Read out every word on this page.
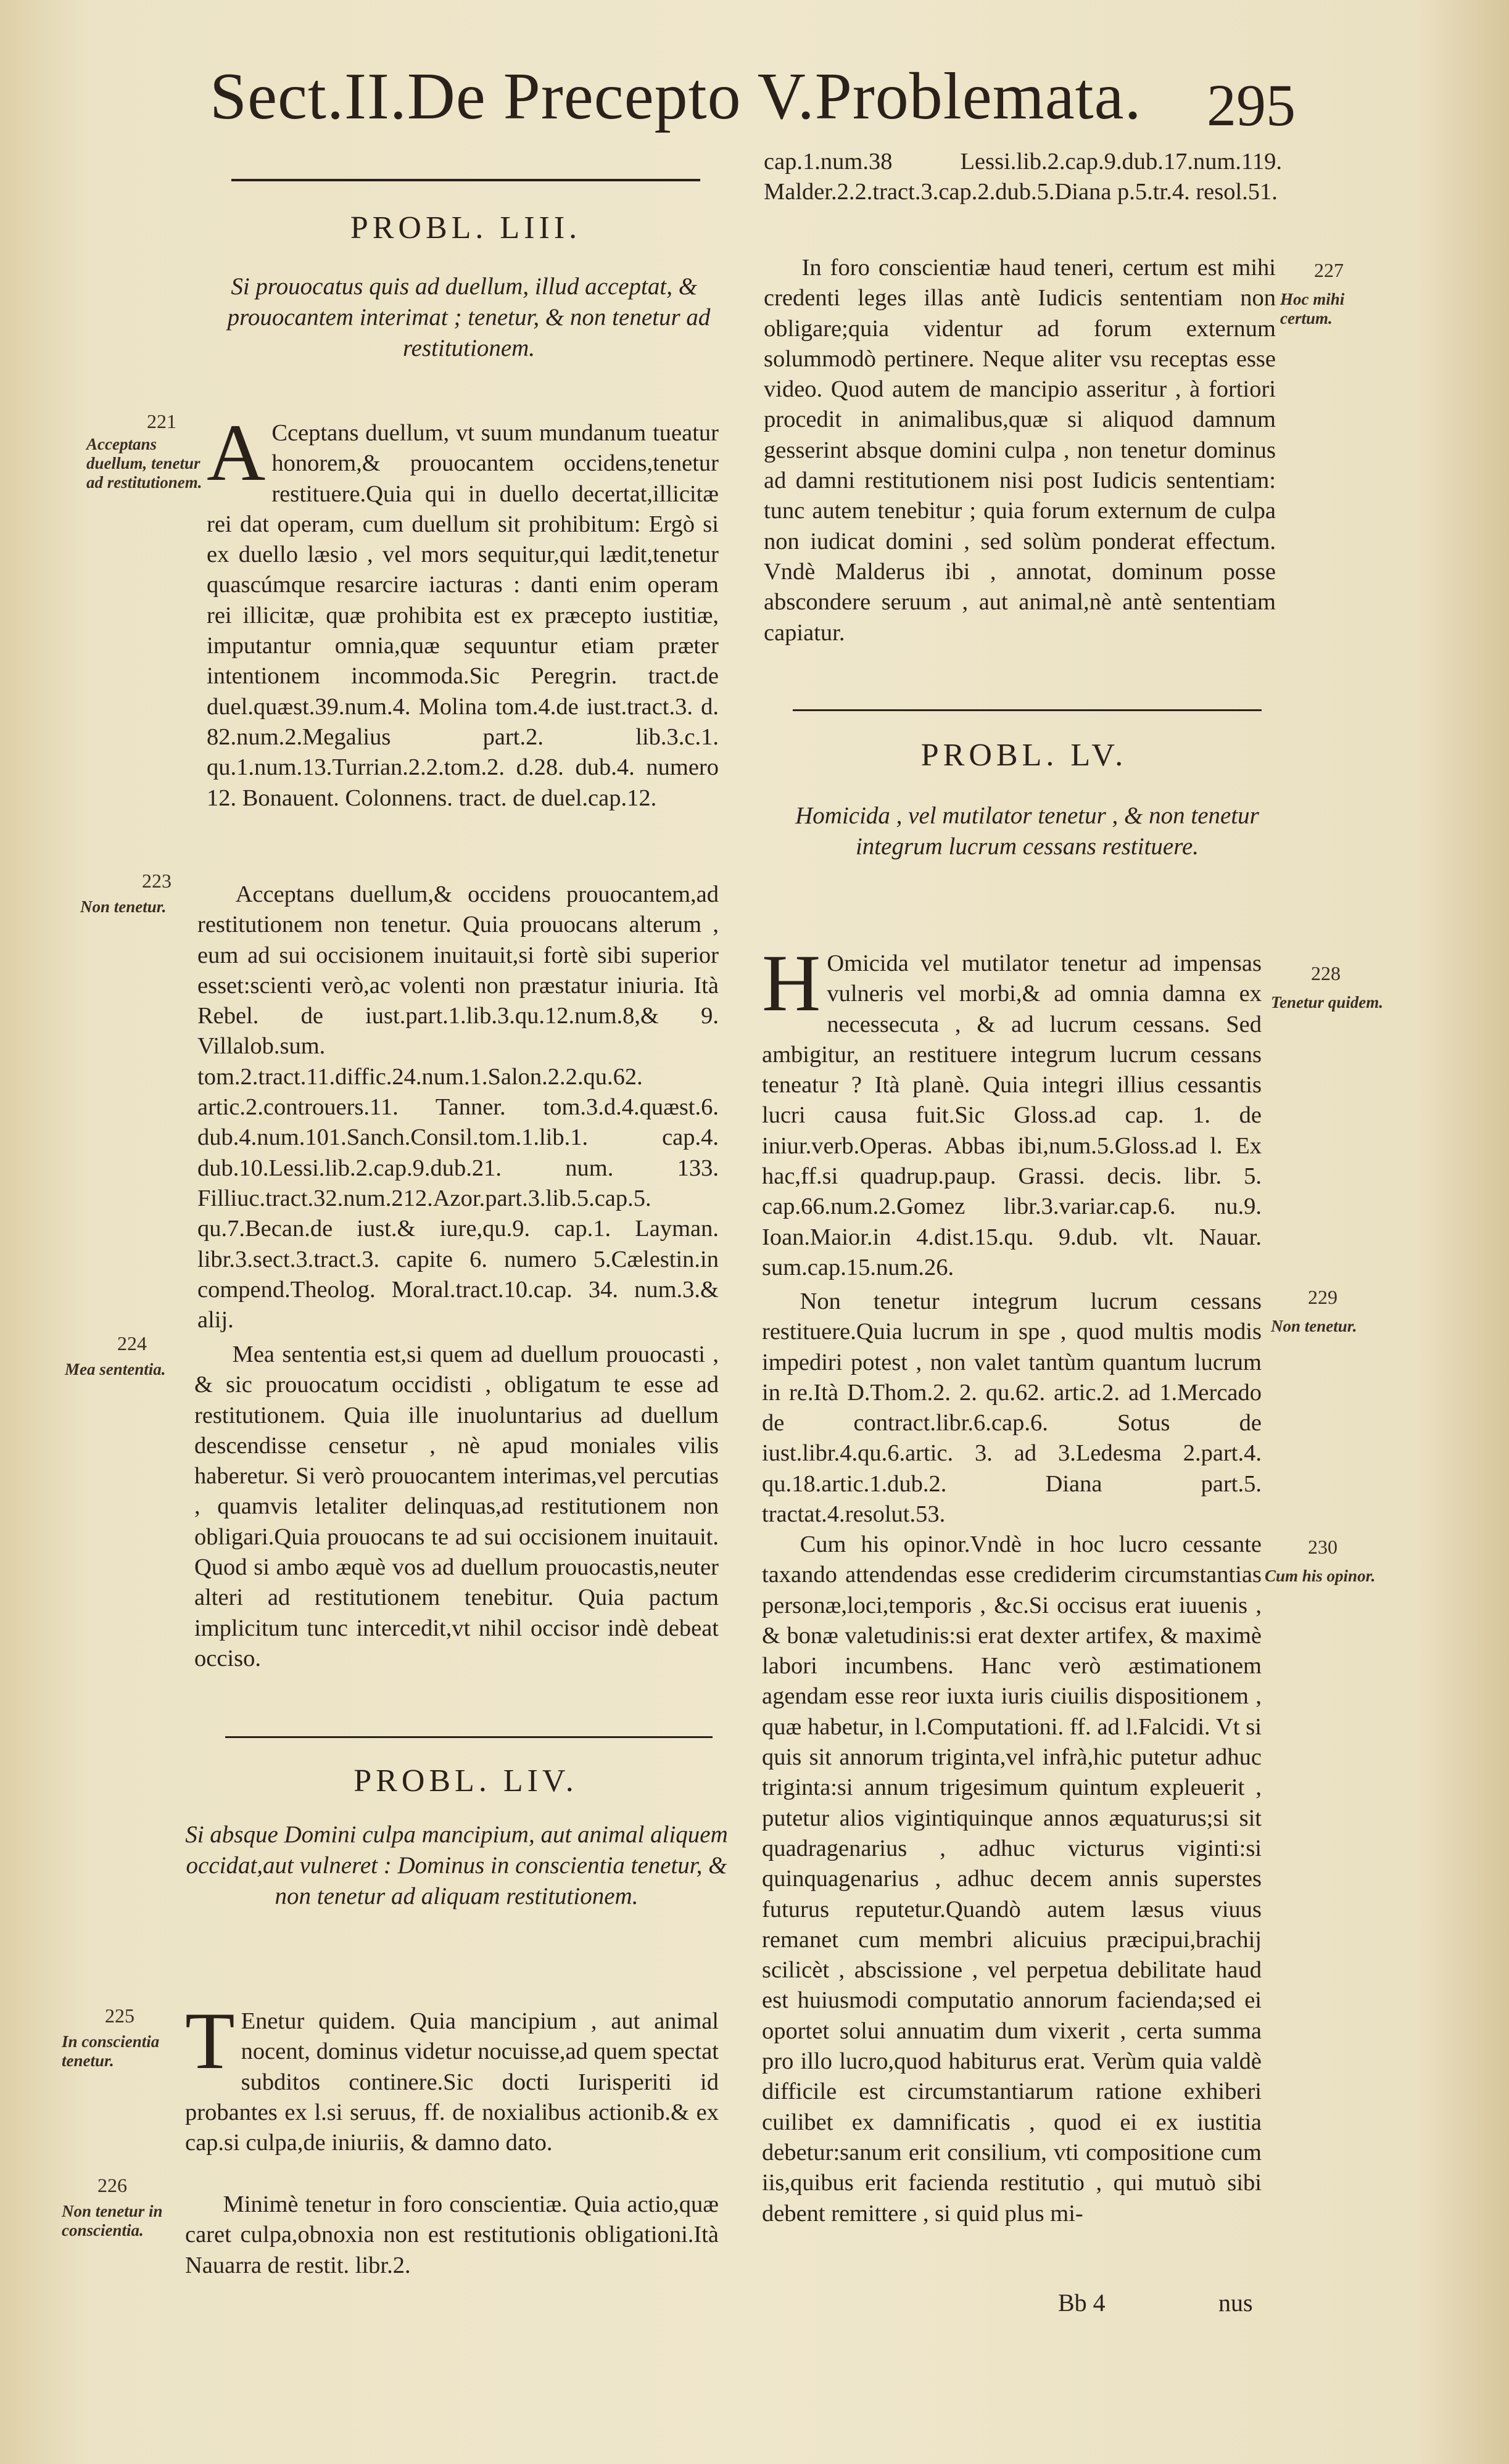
Sect.II.De Precepto V.Problemata. 295
PROBL. LIII.
Si prouocatus quis ad duellum, illud acceptat, & prouocantem interimat ; tenetur, & non tenetur ad restitutionem.
221
Acceptans duellum, tenetur ad restitutionem. A Cceptans duellum, vt suum mundanum tueatur honorem,& prouocantem occidens,tenetur restituere.Quia qui in duello decertat,illicitæ rei dat operam, cum duellum sit prohibitum: Ergò si ex duello læsio , vel mors sequitur,qui lædit,tenetur quascúmque resarcire iacturas : danti enim operam rei illicitæ, quæ prohibita est ex præcepto iustitiæ, imputantur omnia,quæ sequuntur etiam præter intentionem incommoda.Sic Peregrin. tract.de duel.quæst.39.num.4. Molina tom.4.de iust.tract.3. d. 82.num.2.Megalius part.2. lib.3.c.1. qu.1.num.13.Turrian.2.2.tom.2. d.28. dub.4. numero 12. Bonauent. Colonnens. tract. de duel.cap.12.

223
Non tenetur.	Acceptans duellum,& occidens prouocantem,ad restitutionem non tenetur. Quia prouocans alterum , eum ad sui occisionem inuitauit,si fortè sibi superior esset:scienti verò,ac volenti non præstatur iniuria. Ità Rebel. de iust.part.1.lib.3.qu.12.num.8,& 9. Villalob.sum. tom.2.tract.11.diffic.24.num.1.Salon.2.2.qu.62. artic.2.controuers.11. Tanner. tom.3.d.4.quæst.6. dub.4.num.101.Sanch.Consil.tom.1.lib.1. cap.4. dub.10.Lessi.lib.2.cap.9.dub.21. num. 133. Filliuc.tract.32.num.212.Azor.part.3.lib.5.cap.5. qu.7.Becan.de iust.& iure,qu.9. cap.1. Layman. libr.3.sect.3.tract.3. capite 6. numero 5.Cælestin.in compend.Theolog. Moral.tract.10.cap. 34. num.3.& alij.

224
Mea sententia.

Mea sententia est,si quem ad duellum prouocasti , & sic prouocatum occidisti , obligatum te esse ad restitutionem. Quia ille inuoluntarius ad duellum descendisse censetur , nè apud moniales vilis haberetur. Si verò prouocantem interimas,vel percutias , quamvis letaliter delinquas,ad restitutionem non obligari.Quia prouocans te ad sui occisionem inuitauit. Quod si ambo æquè vos ad duellum prouocastis,neuter alteri ad restitutionem tenebitur. Quia pactum implicitum tunc intercedit,vt nihil occisor indè debeat occiso.

PROBL. LIV.
Si absque Domini culpa mancipium, aut animal aliquem occidat,aut vulneret : Dominus in conscientia tenetur, & non tenetur ad aliquam restitutionem.
225
In conscientia tenetur. T Enetur quidem. Quia mancipium , aut animal nocent, dominus videtur nocuisse,ad quem spectat subditos continere.Sic docti Iurisperiti id probantes ex l.si seruus, ff. de noxialibus actionib.& ex cap.si culpa,de iniuriis, & damno dato.

226
Non tenetur in conscientia.

Minimè tenetur in foro conscientiæ. Quia actio,quæ caret culpa,obnoxia non est restitutionis obligationi.Ità Nauarra de restit. libr.2.

cap.1.num.38 Lessi.lib.2.cap.9.dub.17.num.119. Malder.2.2.tract.3.cap.2.dub.5.Diana p.5.tr.4. resol.51.

227
Hoc mihi certum.

In foro conscientiæ haud teneri, certum est mihi credenti leges illas antè Iudicis sententiam non obligare;quia videntur ad forum externum solummodò pertinere. Neque aliter vsu receptas esse video. Quod autem de mancipio asseritur , à fortiori procedit in animalibus,quæ si aliquod damnum gesserint absque domini culpa , non tenetur dominus ad damni restitutionem nisi post Iudicis sententiam: tunc autem tenebitur ; quia forum externum de culpa non iudicat domini , sed solùm ponderat effectum. Vndè Malderus ibi , annotat, dominum posse abscondere seruum , aut animal,nè antè sententiam capiatur.

PROBL. LV.
Homicida , vel mutilator tenetur , & non tenetur integrum lucrum cessans restituere.
228
Tenetur quidem.

H Omicida vel mutilator tenetur ad impensas vulneris vel morbi,& ad omnia damna ex necessecuta , & ad lucrum cessans. Sed ambigitur, an restituere integrum lucrum cessans teneatur ? Ità planè. Quia integri illius cessantis lucri causa fuit.Sic Gloss.ad cap. 1. de iniur.verb.Operas. Abbas ibi,num.5.Gloss.ad l. Ex hac,ff.si quadrup.paup. Grassi. decis. libr. 5. cap.66.num.2.Gomez libr.3.variar.cap.6. nu.9. Ioan.Maior.in 4.dist.15.qu. 9.dub. vlt. Nauar. sum.cap.15.num.26.

229
Non tenetur.

Non tenetur integrum lucrum cessans restituere.Quia lucrum in spe , quod multis modis impediri potest , non valet tantùm quantum lucrum in re.Ità D.Thom.2. 2. qu.62. artic.2. ad 1.Mercado de contract.libr.6.cap.6. Sotus de iust.libr.4.qu.6.artic. 3. ad 3.Ledesma 2.part.4. qu.18.artic.1.dub.2. Diana part.5. tractat.4.resolut.53.

230
Cum his opinor.

Cum his opinor.Vndè in hoc lucro cessante taxando attendendas esse crediderim circumstantias personæ,loci,temporis , &c.Si occisus erat iuuenis , & bonæ valetudinis:si erat dexter artifex, & maximè labori incumbens. Hanc verò æstimationem agendam esse reor iuxta iuris ciuilis dispositionem , quæ habetur, in l.Computationi. ff. ad l.Falcidi. Vt si quis sit annorum triginta,vel infrà,hic putetur adhuc triginta:si annum trigesimum quintum expleuerit , putetur alios vigintiquinque annos æquaturus;si sit quadragenarius , adhuc victurus viginti:si quinquagenarius , adhuc decem annis superstes futurus reputetur.Quandò autem læsus viuus remanet cum membri alicuius præcipui,brachij scilicèt , abscissione , vel perpetua debilitate haud est huiusmodi computatio annorum facienda;sed ei oportet solui annuatim dum vixerit , certa summa pro illo lucro,quod habiturus erat. Verùm quia valdè difficile est circumstantiarum ratione exhiberi cuilibet ex damnificatis , quod ei ex iustitia debetur:sanum erit consilium, vti compositione cum iis,quibus erit facienda restitutio , qui mutuò sibi debent remittere , si quid plus mi-

Bb 4	nus
